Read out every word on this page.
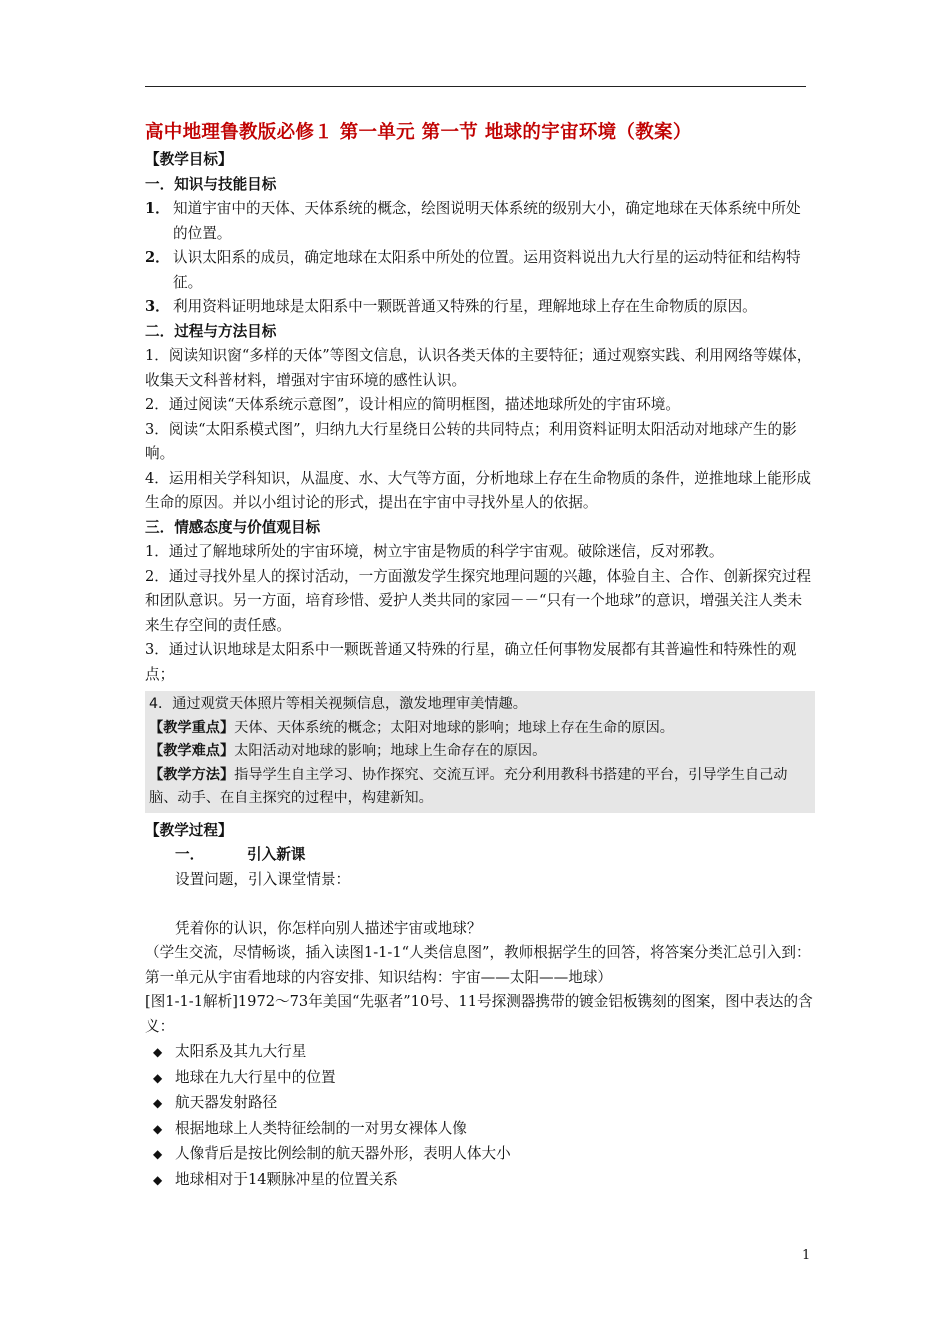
高中地理鲁教版必修１ 第一单元 第一节 地球的宇宙环境（教案）
【教学目标】
一．知识与技能目标
1． 知道宇宙中的天体、天体系统的概念，绘图说明天体系统的级别大小，确定地球在天体系统中所处的位置。
2． 认识太阳系的成员，确定地球在太阳系中所处的位置。运用资料说出九大行星的运动特征和结构特征。
3． 利用资料证明地球是太阳系中一颗既普通又特殊的行星，理解地球上存在生命物质的原因。
二．过程与方法目标

1．阅读知识窗“多样的天体”等图文信息，认识各类天体的主要特征；通过观察实践、利用网络等媒体，收集天文科普材料，增强对宇宙环境的感性认识。

2．通过阅读“天体系统示意图”，设计相应的简明框图，描述地球所处的宇宙环境。

3．阅读“太阳系模式图”，归纳九大行星绕日公转的共同特点；利用资料证明太阳活动对地球产生的影响。

4．运用相关学科知识，从温度、水、大气等方面，分析地球上存在生命物质的条件，逆推地球上能形成生命的原因。并以小组讨论的形式，提出在宇宙中寻找外星人的依据。

三．情感态度与价值观目标

1．通过了解地球所处的宇宙环境，树立宇宙是物质的科学宇宙观。破除迷信，反对邪教。

2．通过寻找外星人的探讨活动，一方面激发学生探究地理问题的兴趣，体验自主、合作、创新探究过程和团队意识。另一方面，培育珍惜、爱护人类共同的家园－－“只有一个地球”的意识，增强关注人类未来生存空间的责任感。

3．通过认识地球是太阳系中一颗既普通又特殊的行星，确立任何事物发展都有其普遍性和特殊性的观点；

4．通过观赏天体照片等相关视频信息，激发地理审美情趣。
【教学重点】天体、天体系统的概念；太阳对地球的影响；地球上存在生命的原因。
【教学难点】太阳活动对地球的影响；地球上生命存在的原因。
【教学方法】指导学生自主学习、协作探究、交流互评。充分利用教科书搭建的平台，引导学生自己动脑、动手、在自主探究的过程中，构建新知。
【教学过程】
一．	引入新课

设置问题，引入课堂情景：

凭着你的认识，你怎样向别人描述宇宙或地球？

（学生交流，尽情畅谈，插入读图1-1-1“人类信息图”，教师根据学生的回答，将答案分类汇总引入到：第一单元从宇宙看地球的内容安排、知识结构：宇宙——太阳——地球）

[图1-1-1解析]1972～73年美国“先驱者”10号、11号探测器携带的镀金铝板镌刻的图案，图中表达的含义：

◆ 太阳系及其九大行星
◆ 地球在九大行星中的位置
◆ 航天器发射路径
◆ 根据地球上人类特征绘制的一对男女裸体人像
◆ 人像背后是按比例绘制的航天器外形，表明人体大小
◆ 地球相对于14颗脉冲星的位置关系
1
